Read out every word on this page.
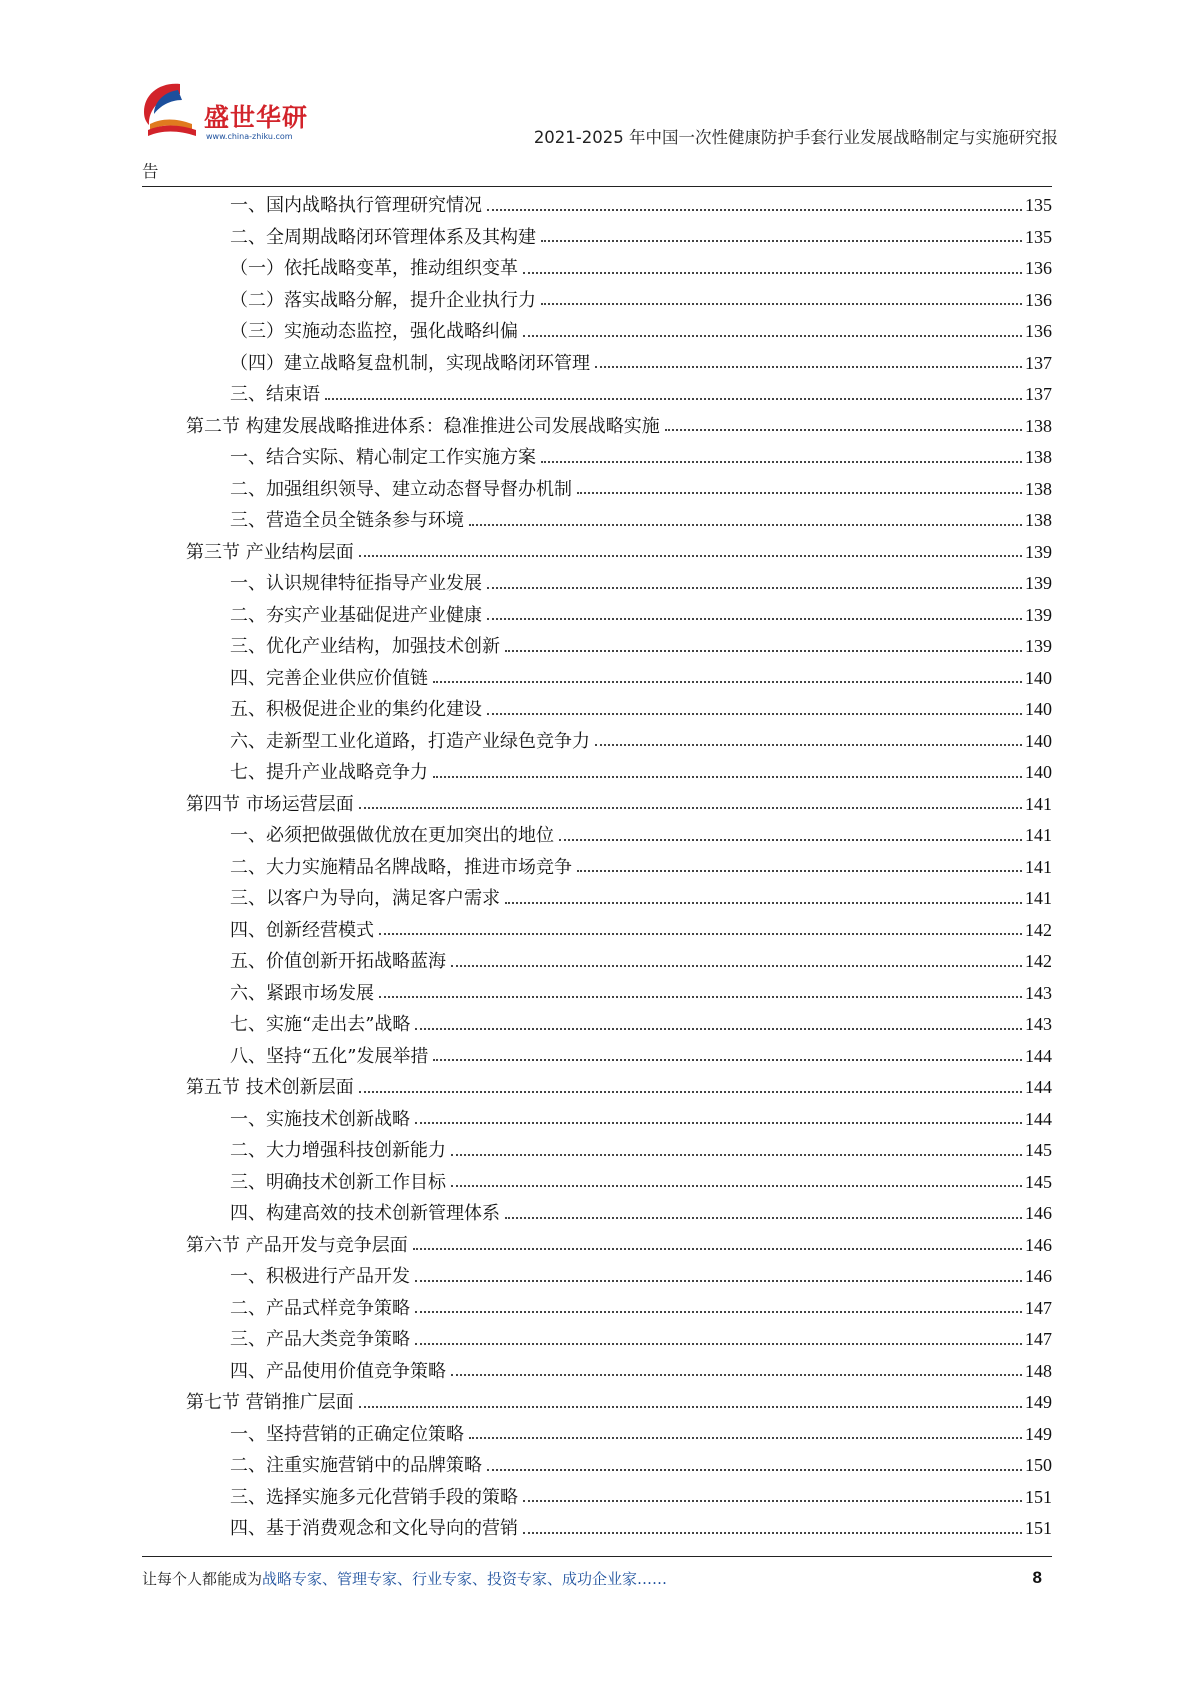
盛世华研
www.china-zhiku.com	2021-2025 年中国一次性健康防护手套行业发展战略制定与实施研究报
告
一、国内战略执行管理研究情况	135
二、全周期战略闭环管理体系及其构建	135
（一）依托战略变革，推动组织变革	136
（二）落实战略分解，提升企业执行力	136
（三）实施动态监控，强化战略纠偏	136
（四）建立战略复盘机制，实现战略闭环管理	137
三、结束语	137
第二节 构建发展战略推进体系：稳准推进公司发展战略实施	138
一、结合实际、精心制定工作实施方案	138
二、加强组织领导、建立动态督导督办机制	138
三、营造全员全链条参与环境	138
第三节 产业结构层面	139
一、认识规律特征指导产业发展	139
二、夯实产业基础促进产业健康	139
三、优化产业结构，加强技术创新	139
四、完善企业供应价值链	140
五、积极促进企业的集约化建设	140
六、走新型工业化道路，打造产业绿色竞争力	140
七、提升产业战略竞争力	140
第四节 市场运营层面	141
一、必须把做强做优放在更加突出的地位	141
二、大力实施精品名牌战略，推进市场竞争	141
三、以客户为导向，满足客户需求	141
四、创新经营模式	142
五、价值创新开拓战略蓝海	142
六、紧跟市场发展	143
七、实施“走出去”战略	143
八、坚持“五化”发展举措	144
第五节 技术创新层面	144
一、实施技术创新战略	144
二、大力增强科技创新能力	145
三、明确技术创新工作目标	145
四、构建高效的技术创新管理体系	146
第六节 产品开发与竞争层面	146
一、积极进行产品开发	146
二、产品式样竞争策略	147
三、产品大类竞争策略	147
四、产品使用价值竞争策略	148
第七节 营销推广层面	149
一、坚持营销的正确定位策略	149
二、注重实施营销中的品牌策略	150
三、选择实施多元化营销手段的策略	151
四、基于消费观念和文化导向的营销	151
让每个人都能成为战略专家、管理专家、行业专家、投资专家、成功企业家……	8
